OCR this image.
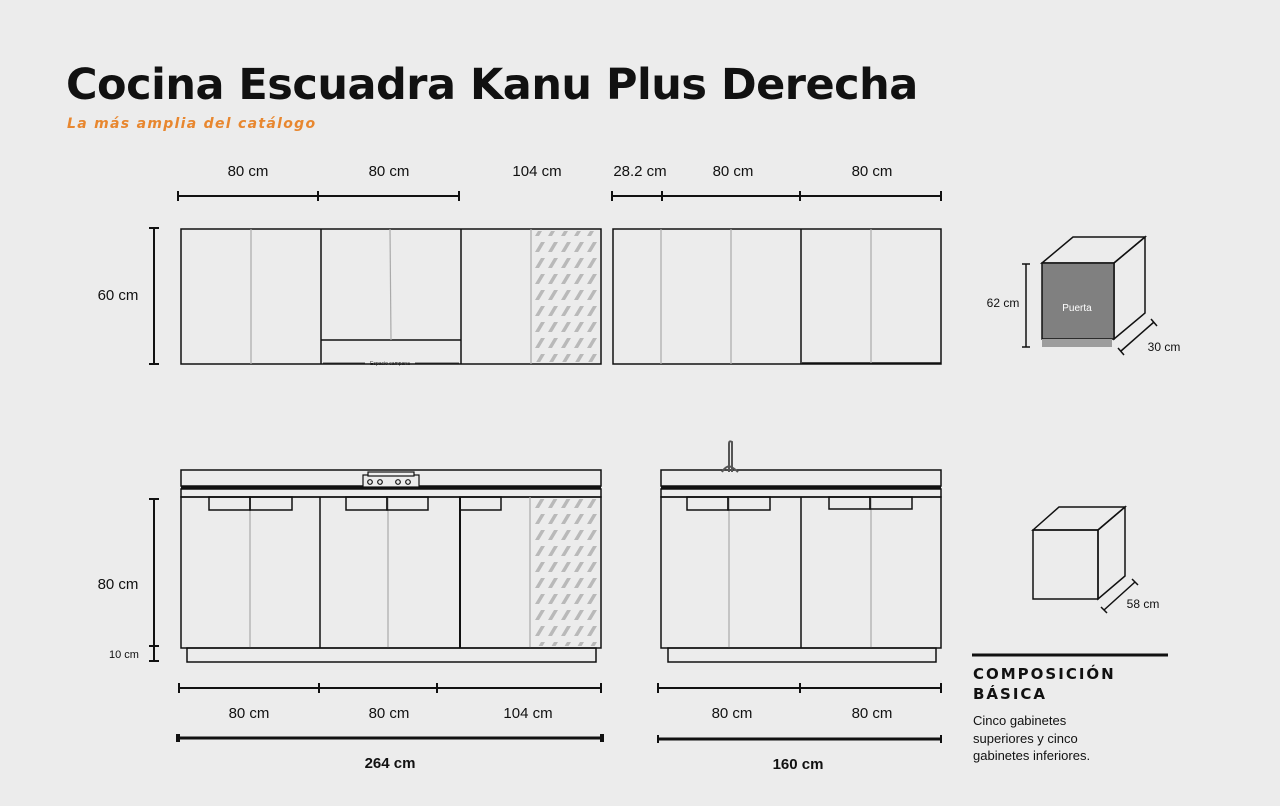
Cocina Escuadra Kanu Plus Derecha
La más amplia del catálogo
80 cm	80 cm	104 cm	28.2 cm	80 cm	80 cm
60 cm
Espacio campana
Puerta
62 cm
30 cm
80 cm
10 cm
58 cm
80 cm	80 cm	104 cm	80 cm	80 cm
264 cm	160 cm
COMPOSICIÓN BÁSICA
Cinco gabinetes superiores y cinco gabinetes inferiores.
